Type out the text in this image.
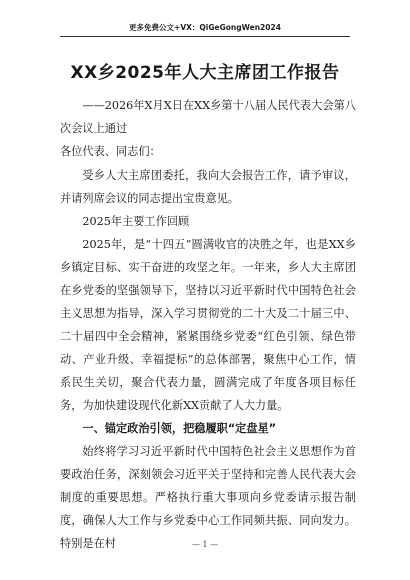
更多免费公文+VX：QiGeGongWen2024
XX乡2025年人大主席团工作报告

——2026年X月X日在XX乡第十八届人民代表大会第八次会议上通过

各位代表、同志们：

受乡人大主席团委托，我向大会报告工作，请予审议，并请列席会议的同志提出宝贵意见。

2025年主要工作回顾

2025年，是“十四五”圆满收官的决胜之年，也是XX乡乡镇定目标、实干奋进的攻坚之年。一年来，乡人大主席团在乡党委的坚强领导下，坚持以习近平新时代中国特色社会主义思想为指导，深入学习贯彻党的二十大及二十届三中、二十届四中全会精神，紧紧围绕乡党委“红色引领、绿色带动、产业升级、幸福提标”的总体部署，聚焦中心工作，情系民生关切，聚合代表力量，圆满完成了年度各项目标任务，为加快建设现代化新XX贡献了人大力量。

一、锚定政治引领，把稳履职“定盘星”

始终将学习习近平新时代中国特色社会主义思想作为首要政治任务，深刻领会习近平关于坚持和完善人民代表大会制度的重要思想。严格执行重大事项向乡党委请示报告制度，确保人大工作与乡党委中心工作同频共振、同向发力。特别是在村	— 1 —
